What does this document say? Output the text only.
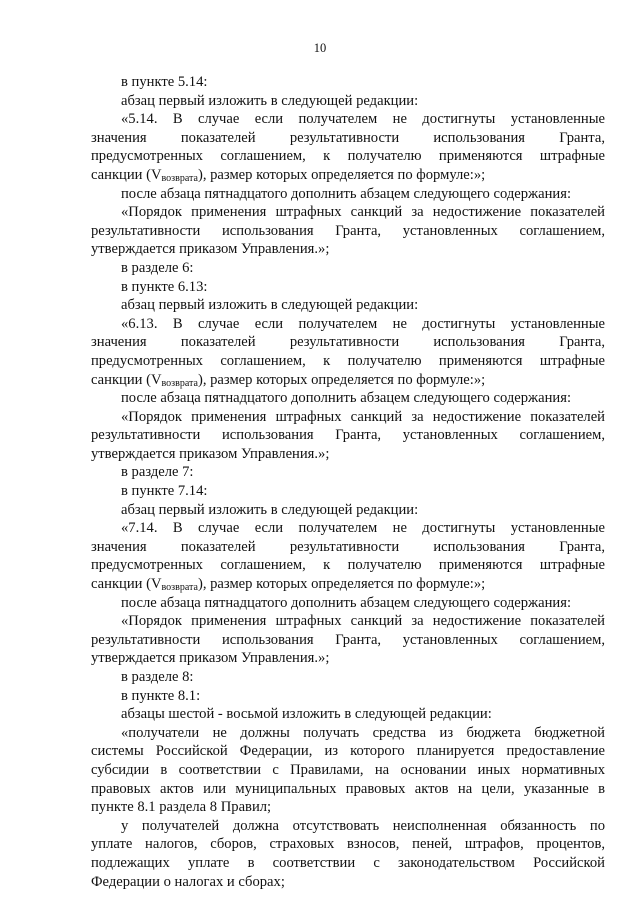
10
в пункте 5.14:
абзац первый изложить в следующей редакции:
«5.14. В случае если получателем не достигнуты установленные
значения показателей результативности использования Гранта,
предусмотренных соглашением, к получателю применяются штрафные
санкции (Vвозврата), размер которых определяется по формуле:»;
после абзаца пятнадцатого дополнить абзацем следующего содержания:
«Порядок применения штрафных санкций за недостижение показателей
результативности использования Гранта, установленных соглашением,
утверждается приказом Управления.»;
в разделе 6:
в пункте 6.13:
абзац первый изложить в следующей редакции:
«6.13. В случае если получателем не достигнуты установленные
значения показателей результативности использования Гранта,
предусмотренных соглашением, к получателю применяются штрафные
санкции (Vвозврата), размер которых определяется по формуле:»;
после абзаца пятнадцатого дополнить абзацем следующего содержания:
«Порядок применения штрафных санкций за недостижение показателей
результативности использования Гранта, установленных соглашением,
утверждается приказом Управления.»;
в разделе 7:
в пункте 7.14:
абзац первый изложить в следующей редакции:
«7.14. В случае если получателем не достигнуты установленные
значения показателей результативности использования Гранта,
предусмотренных соглашением, к получателю применяются штрафные
санкции (Vвозврата), размер которых определяется по формуле:»;
после абзаца пятнадцатого дополнить абзацем следующего содержания:
«Порядок применения штрафных санкций за недостижение показателей
результативности использования Гранта, установленных соглашением,
утверждается приказом Управления.»;
в разделе 8:
в пункте 8.1:
абзацы шестой - восьмой изложить в следующей редакции:
«получатели не должны получать средства из бюджета бюджетной
системы Российской Федерации, из которого планируется предоставление
субсидии в соответствии с Правилами, на основании иных нормативных
правовых актов или муниципальных правовых актов на цели, указанные в
пункте 8.1 раздела 8 Правил;
у получателей должна отсутствовать неисполненная обязанность по
уплате налогов, сборов, страховых взносов, пеней, штрафов, процентов,
подлежащих уплате в соответствии с законодательством Российской
Федерации о налогах и сборах;
